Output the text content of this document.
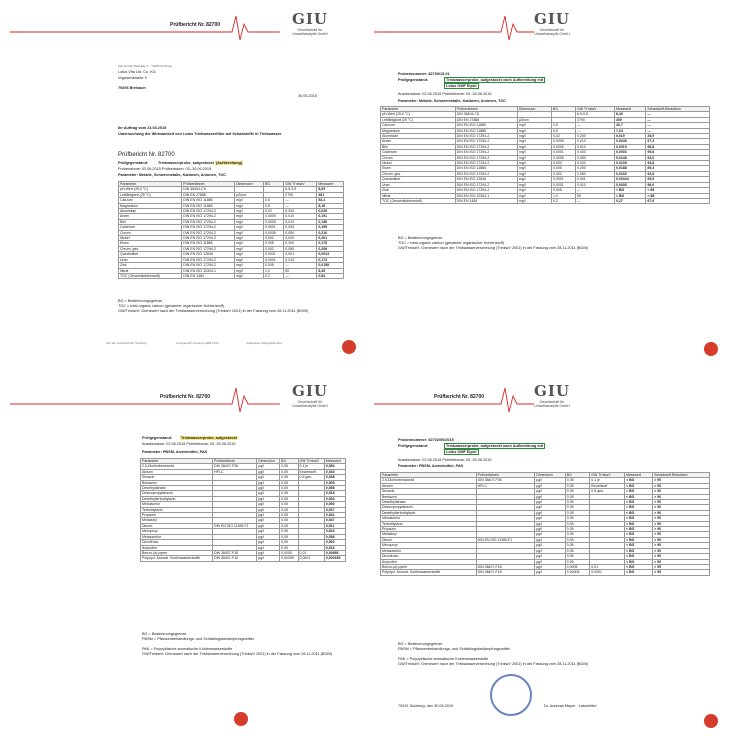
Prüfbericht Nr. 82700	GIU
Gesellschaft für
Umweltanalytik GmbH
GIU GmbH Talstraße 2 · 79295 Sulzburg
Lotus Vita Ltd. Co. KG
Vogesenstraße 9
79206 Breisach
30.06.2015
Ihr Auftrag vom 23.03.2015
Untersuchung der Wirksamkeit von Lotus Trinkwasserfilter auf Schadstoffe in Trinkwasser
Prüfbericht Nr. 82700
Prüfgegenstand:	Trinkwasserprobe, aufgestockt (Aufbereitung)
Probenahme: 02.06.2015 Prüfzeitraum: 03.-30.06.2015
Parameter: Metalle, Schwermetalle, Kationen, Anionen, TOC
Parameter	Prüfverfahren	Dimension	BG	GW Tr'nkwV	Messwert
pH-Wert (25,0 °C)	DIN 38404-C5			6,5-9,5	8,05
Leitfähigkeit (25 °C)	DIN EN 27888	µS/cm		2790	381
Calcium	DIN EN ISO 11885	mg/l	0,5	—	53,4
Magnesium	DIN EN ISO 11885	mg/l	0,5	—	8,18
Aluminium	DIN EN ISO 17294-2	mg/l	0,02	0,200	0,026
Arsen	DIN EN ISO 17294-2	mg/l	0,0005	0,010	0,191
Blei	DIN EN ISO 17294-2	mg/l	0,0005	0,010	0,158
Cadmium	DIN EN ISO 17294-2	mg/l	0,0001	0,003	0,199
Chrom	DIN EN ISO 17294-2	mg/l	0,0005	0,050	0,210
Nickel	DIN EN ISO 17294-2	mg/l	0,002	0,020	0,201
Eisen	DIN EN ISO 11885	mg/l	0,005	0,200	0,175
Chrom, ges.	DIN EN ISO 17294-2	mg/l	0,002	0,050	0,206
Quecksilber	DIN EN ISO 12846	mg/l	0,0001	0,001	0,0913
Uran	DIN EN ISO 17294-2	mg/l	0,0001	0,010	0,173
Zink	DIN EN ISO 17294-2	mg/l	0,005	—	0,0158
Nitrat	DIN EN ISO 10304-1	mg/l	1,0	50	8,49
TOC (Gesamtkohlenstoff)	DIN EN 1484	mg/l	0,2	—	0,84
BG = Bestimmungsgrenze
TOC = total organic carbon (gesamter organischer Kohlenstoff)
GW/TrinkwV: Grenzwert nach der Trinkwasserverordnung (TrinkwV 2001) in der Fassung vom 28.11.2011 (BGBl)
Sitz der Gesellschaft: Sulzburg	Amtsgericht Freiburg HRB 1234	Sparkasse Markgräflerland
GIU
Gesellschaft für
Umweltanalytik GmbH
Probennummer: 82700/15-01
Prüfgegenstand:	Trinkwasserprobe, aufgestockt nach Aufbereitung mit
Lotus OMF Eiprit
Ansatzdatum: 02.06.2015 Prüfzeitraum: 03.-30.06.2015
Parameter: Metalle, Schwermetalle, Kationen, Anionen, TOC
Parameter	Prüfverfahren	Dimension	BG	GW Tr'nkwV	Messwert	Schadstoff-Reduktion
pH-Wert (25,0 °C)	DIN 38404-C5			6,5-9,5	8,40	—
Leitfähigkeit (25 °C)	DIN EN 27888	µS/cm		2790	309	—
Calcium	DIN EN ISO 11885	mg/l	0,5	—	40,7	—
Magnesium	DIN EN ISO 11885	mg/l	0,5	—	7,04	—
Aluminium	DIN EN ISO 17294-2	mg/l	0,02	0,200	0,019	26,9
Arsen	DIN EN ISO 17294-2	mg/l	0,0005	0,010	0,0049	97,4
Blei	DIN EN ISO 17294-2	mg/l	0,0005	0,010	0,0019	98,8
Cadmium	DIN EN ISO 17294-2	mg/l	0,0001	0,003	0,0003	99,8
Chrom	DIN EN ISO 17294-2	mg/l	0,0005	0,050	0,0146	93,0
Nickel	DIN EN ISO 17294-2	mg/l	0,002	0,020	0,0105	94,8
Eisen	DIN EN ISO 11885	mg/l	0,005	0,200	0,0188	89,3
Chrom, ges.	DIN EN ISO 17294-2	mg/l	0,002	0,050	0,0153	92,6
Quecksilber	DIN EN ISO 12846	mg/l	0,0001	0,001	0,00044	99,5
Uran	DIN EN ISO 17294-2	mg/l	0,0001	0,010	0,0035	98,0
Zink	DIN EN ISO 17294-2	mg/l	0,005	—	< BG	> 68
Nitrat	DIN EN ISO 10304-1	mg/l	1,0	50	< BG	> 88
TOC (Gesamtkohlenstoff)	DIN EN 1484	mg/l	0,2	—	0,27	67,9
BG = Bestimmungsgrenze
TOC = total organic carbon (gesamter organischer Kohlenstoff)
GW/TrinkwV: Grenzwert nach der Trinkwasserverordnung (TrinkwV 2001) in der Fassung vom 28.11.2011 (BGBl)
Prüfbericht Nr. 82700	GIU
Gesellschaft für
Umweltanalytik GmbH
Prüfgegenstand: Trinkwasserprobe, aufgestockt
Ansatzdatum: 02.06.2015 Prüfzeitraum: 03.-30.06.2015
Parameter: PBSM, Arzneimittel, PAK
Parameter	Prüfverfahren	Dimension	BG	GW Tr'nkwV	Messwert
2,6-Dichlorbenzamid	DIN 38407-F36	µg/l	0,05	0,1 je	0,554
Atrazin	HPLC	µg/l	0,05	Einzelstoff	0,540
Simazin		µg/l	0,05	0,5 ges.	0,548
Bentazon		µg/l	0,05		0,505
Desethylatrazin		µg/l	0,05		0,558
Desisopropylatrazin		µg/l	0,05		0,518
Desethylterbuthylazin		µg/l	0,05		0,533
Metolachlor		µg/l	0,05		0,550
Terbuthylazin		µg/l	0,05		0,537
Propazin		µg/l	0,05		0,541
Metalaxyl		µg/l	0,05		0,547
Diuron	DIN EN ISO 11369-F1	µg/l	0,05		0,511
Mecoprop		µg/l	0,05		0,524
Metazachlor		µg/l	0,05		0,536
Diclofenac		µg/l	0,05		0,502
Ibuprofen		µg/l	0,05		0,516
Benzo-(a)-pyren	DIN 38407-F18	µg/l	0,0005	0,01	0,00998
Polycycl. Aromat. Kohlenwasserstoffe	DIN 38407-F18	µg/l	0,00005	0,0001	0,000185
BG = Bestimmungsgrenze
PBSM = Pflanzenbehandlungs- und Schädlingsbekämpfungsmittel
PAK = Polyzyklische aromatische Kohlenwasserstoffe
GW/TrinkwV: Grenzwert nach der Trinkwasserverordnung (TrinkwV 2001) in der Fassung vom 28.11.2011 (BGBl)
Prüfbericht Nr. 82700	GIU
Gesellschaft für
Umweltanalytik GmbH
Probennummer: 82702/00/2015
Prüfgegenstand:	Trinkwasserprobe, aufgestockt nach Aufbereitung mit
Lotus OMF Eiprit
Ansatzdatum: 02.06.2015 Prüfzeitraum: 03.-30.06.2015
Parameter: PBSM, Arzneimittel, PAK
Parameter	Prüfverfahren	Dimension	BG	GW Tr'nkwV	Messwert	Schadstoff-Reduktion
2,6-Dichlorbenzamid	DIN 38407-F36	µg/l	0,05	0,1 je	< BG	> 90
Atrazin	HPLC	µg/l	0,05	Einzelstoff	< BG	> 90
Simazin		µg/l	0,05	0,5 ges.	< BG	> 90
Bentazon		µg/l	0,05		< BG	> 90
Desethylatrazin		µg/l	0,05		< BG	> 90
Desisopropylatrazin		µg/l	0,05		< BG	> 90
Desethylterbuthylazin		µg/l	0,05		< BG	> 90
Metolachlor		µg/l	0,05		< BG	> 90
Terbuthylazin		µg/l	0,05		< BG	> 90
Propazin		µg/l	0,05		< BG	> 90
Metalaxyl		µg/l	0,05		< BG	> 90
Diuron	DIN EN ISO 11369-F1	µg/l	0,05		< BG	> 90
Mecoprop		µg/l	0,05		< BG	> 90
Metazachlor		µg/l	0,05		< BG	> 90
Diclofenac		µg/l	0,05		< BG	> 90
Ibuprofen		µg/l	0,05		< BG	> 90
Benzo-(a)-pyren	DIN 38407-F18	µg/l	0,0005	0,01	< BG	> 95
Polycycl. Aromat. Kohlenwasserstoffe	DIN 38407-F18	µg/l	0,00005	0,0001	< BG	> 95
BG = Bestimmungsgrenze
PBSM = Pflanzenbehandlungs- und Schädlingsbekämpfungsmittel
PAK = Polyzyklische aromatische Kohlenwasserstoffe
GW/TrinkwV: Grenzwert nach der Trinkwasserverordnung (TrinkwV 2001) in der Fassung vom 28.11.2011 (BGBl)
79291 Sulzburg, den 30.06.2015	Dr. Andreas Mayer · Laborleiter
